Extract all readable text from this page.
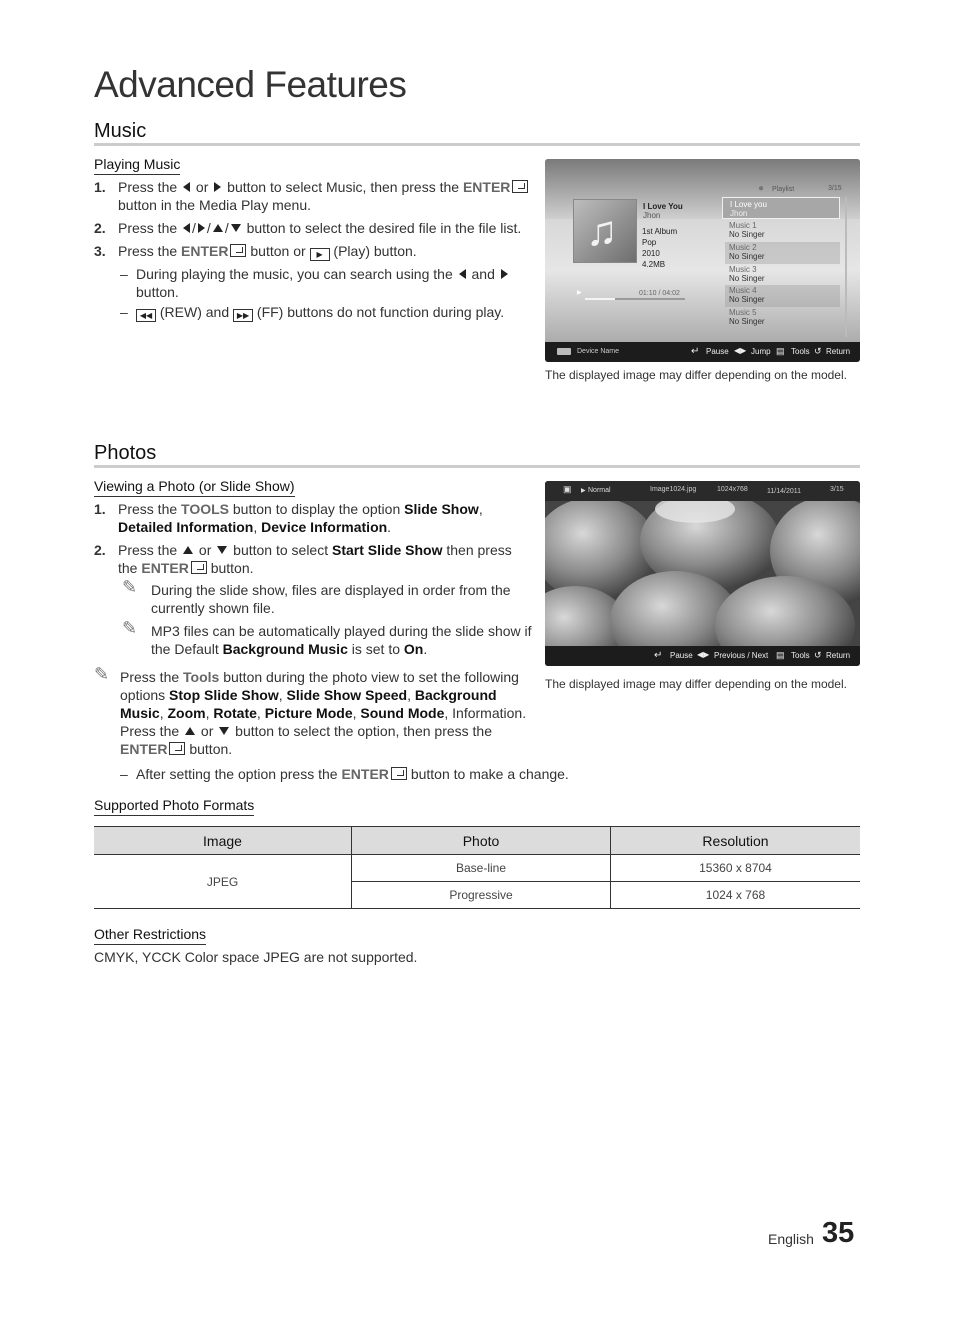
Advanced Features
Music
Playing Music
1. Press the or button to select Music, then press the ENTER
button in the Media Play menu.
2. Press the / / / button to select the desired file in the file list.
3. Press the ENTER button or ▶ (Play) button.
– During playing the music, you can search using the and
button.
– ◀◀ (REW) and ▶▶ (FF) buttons do not function during play.
♫
I Love You
Jhon
1st Album
Pop
2010
4.2MB
▶	01:10 / 04:02
● Playlist	3/15
I Love you
Jhon
Music 1
No Singer
Music 2
No Singer
Music 3
No Singer
Music 4
No Singer
Music 5
No Singer
Device Name	↵ Pause ◀▶ Jump ▤ Tools ↺ Return
The displayed image may differ depending on the model.
Photos
Viewing a Photo (or Slide Show)
1. Press the TOOLS button to display the option Slide Show,
Detailed Information, Device Information.
2. Press the or button to select Start Slide Show then press
the ENTER button.
✎ During the slide show, files are displayed in order from the currently shown file.
✎ MP3 files can be automatically played during the slide show if the Default Background Music is set to On.
✎ Press the Tools button during the photo view to set the following options Stop Slide Show, Slide Show Speed, Background Music, Zoom, Rotate, Picture Mode, Sound Mode, Information. Press the or button to select the option, then press the ENTER button.
– After setting the option press the ENTER button to make a change.
▣ ▶ Normal	Image1024.jpg	1024x768	11/14/2011	3/15
↵ Pause ◀▶ Previous / Next ▤ Tools ↺ Return
The displayed image may differ depending on the model.
Supported Photo Formats
Image	Photo	Resolution
JPEG	Base-line	15360 x 8704
	Progressive	1024 x 768
Other Restrictions
CMYK, YCCK Color space JPEG are not supported.
English 35
